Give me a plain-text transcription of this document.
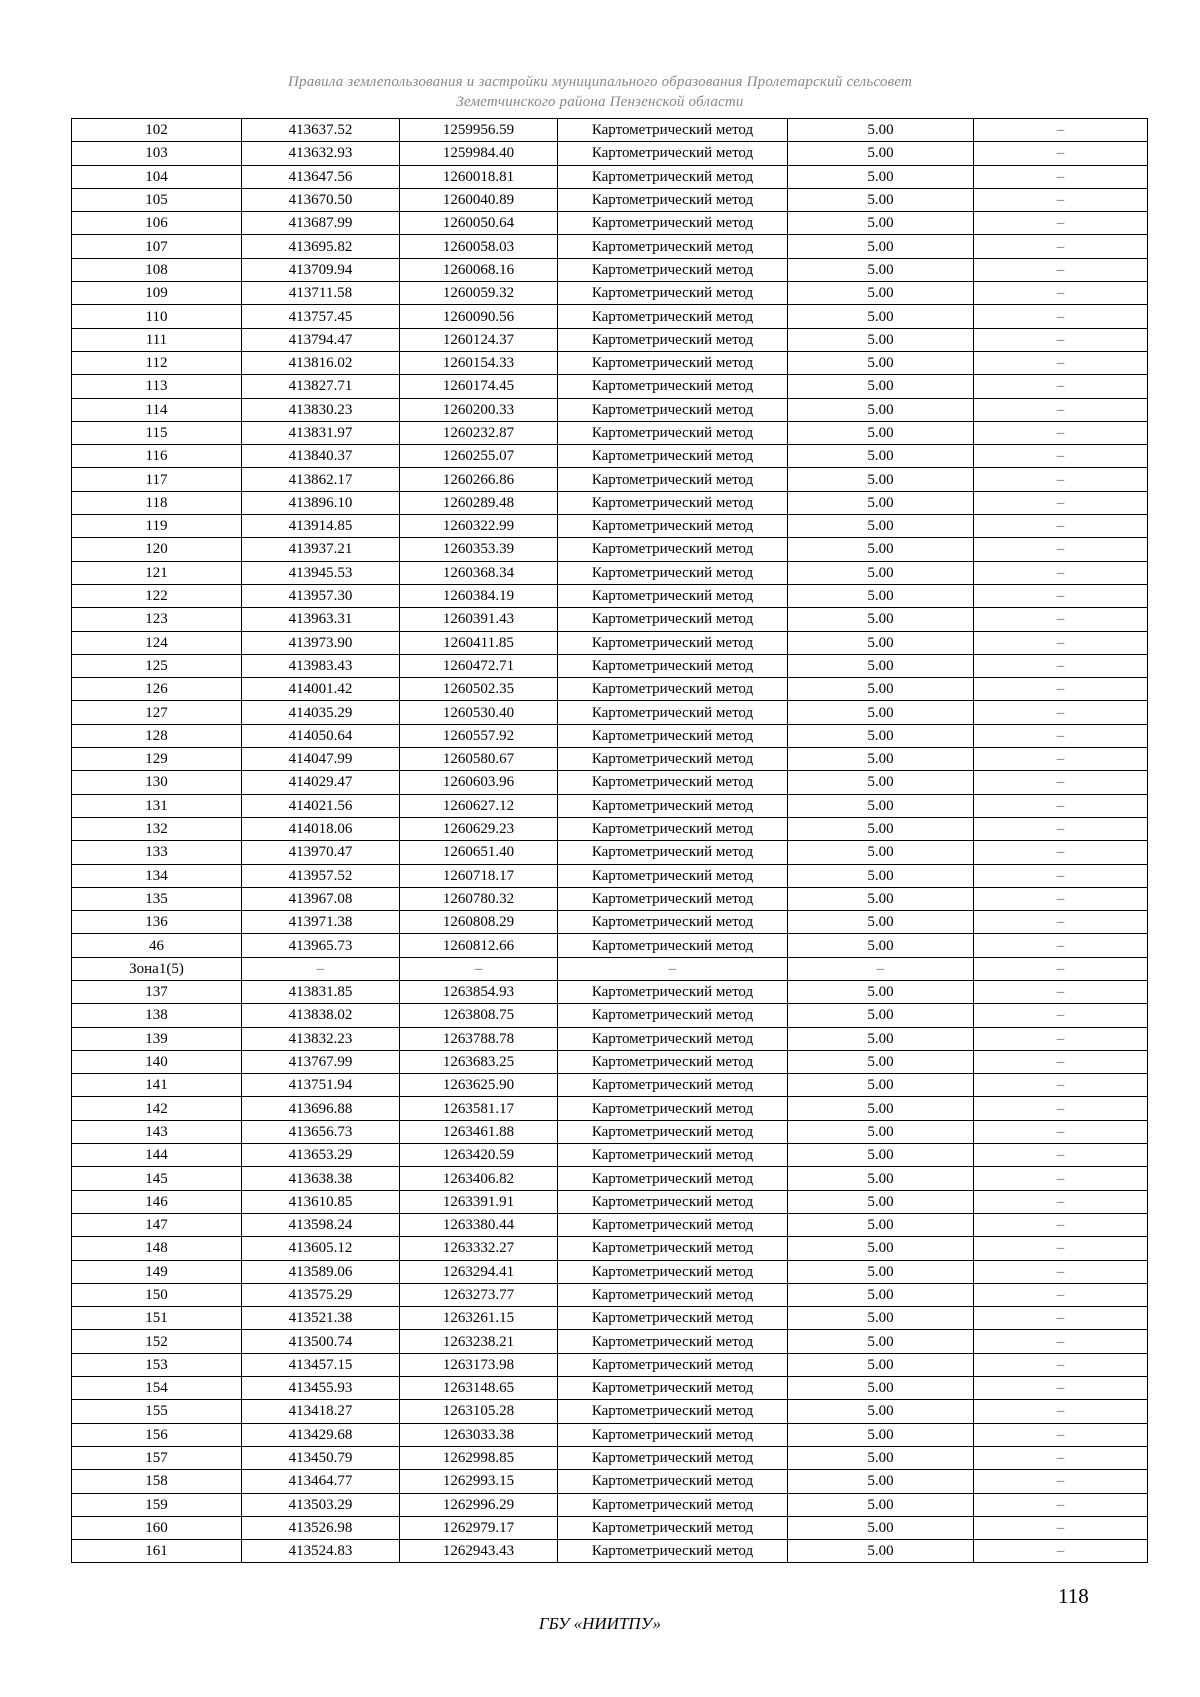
Правила землепользования и застройки муниципального образования Пролетарский сельсовет
Земетчинского района Пензенской области
102	413637.52	1259956.59	Картометрический метод	5.00	–
103	413632.93	1259984.40	Картометрический метод	5.00	–
104	413647.56	1260018.81	Картометрический метод	5.00	–
105	413670.50	1260040.89	Картометрический метод	5.00	–
106	413687.99	1260050.64	Картометрический метод	5.00	–
107	413695.82	1260058.03	Картометрический метод	5.00	–
108	413709.94	1260068.16	Картометрический метод	5.00	–
109	413711.58	1260059.32	Картометрический метод	5.00	–
110	413757.45	1260090.56	Картометрический метод	5.00	–
111	413794.47	1260124.37	Картометрический метод	5.00	–
112	413816.02	1260154.33	Картометрический метод	5.00	–
113	413827.71	1260174.45	Картометрический метод	5.00	–
114	413830.23	1260200.33	Картометрический метод	5.00	–
115	413831.97	1260232.87	Картометрический метод	5.00	–
116	413840.37	1260255.07	Картометрический метод	5.00	–
117	413862.17	1260266.86	Картометрический метод	5.00	–
118	413896.10	1260289.48	Картометрический метод	5.00	–
119	413914.85	1260322.99	Картометрический метод	5.00	–
120	413937.21	1260353.39	Картометрический метод	5.00	–
121	413945.53	1260368.34	Картометрический метод	5.00	–
122	413957.30	1260384.19	Картометрический метод	5.00	–
123	413963.31	1260391.43	Картометрический метод	5.00	–
124	413973.90	1260411.85	Картометрический метод	5.00	–
125	413983.43	1260472.71	Картометрический метод	5.00	–
126	414001.42	1260502.35	Картометрический метод	5.00	–
127	414035.29	1260530.40	Картометрический метод	5.00	–
128	414050.64	1260557.92	Картометрический метод	5.00	–
129	414047.99	1260580.67	Картометрический метод	5.00	–
130	414029.47	1260603.96	Картометрический метод	5.00	–
131	414021.56	1260627.12	Картометрический метод	5.00	–
132	414018.06	1260629.23	Картометрический метод	5.00	–
133	413970.47	1260651.40	Картометрический метод	5.00	–
134	413957.52	1260718.17	Картометрический метод	5.00	–
135	413967.08	1260780.32	Картометрический метод	5.00	–
136	413971.38	1260808.29	Картометрический метод	5.00	–
46	413965.73	1260812.66	Картометрический метод	5.00	–
Зона1(5)	–	–	–	–	–
137	413831.85	1263854.93	Картометрический метод	5.00	–
138	413838.02	1263808.75	Картометрический метод	5.00	–
139	413832.23	1263788.78	Картометрический метод	5.00	–
140	413767.99	1263683.25	Картометрический метод	5.00	–
141	413751.94	1263625.90	Картометрический метод	5.00	–
142	413696.88	1263581.17	Картометрический метод	5.00	–
143	413656.73	1263461.88	Картометрический метод	5.00	–
144	413653.29	1263420.59	Картометрический метод	5.00	–
145	413638.38	1263406.82	Картометрический метод	5.00	–
146	413610.85	1263391.91	Картометрический метод	5.00	–
147	413598.24	1263380.44	Картометрический метод	5.00	–
148	413605.12	1263332.27	Картометрический метод	5.00	–
149	413589.06	1263294.41	Картометрический метод	5.00	–
150	413575.29	1263273.77	Картометрический метод	5.00	–
151	413521.38	1263261.15	Картометрический метод	5.00	–
152	413500.74	1263238.21	Картометрический метод	5.00	–
153	413457.15	1263173.98	Картометрический метод	5.00	–
154	413455.93	1263148.65	Картометрический метод	5.00	–
155	413418.27	1263105.28	Картометрический метод	5.00	–
156	413429.68	1263033.38	Картометрический метод	5.00	–
157	413450.79	1262998.85	Картометрический метод	5.00	–
158	413464.77	1262993.15	Картометрический метод	5.00	–
159	413503.29	1262996.29	Картометрический метод	5.00	–
160	413526.98	1262979.17	Картометрический метод	5.00	–
161	413524.83	1262943.43	Картометрический метод	5.00	–
118
ГБУ «НИИТПУ»
